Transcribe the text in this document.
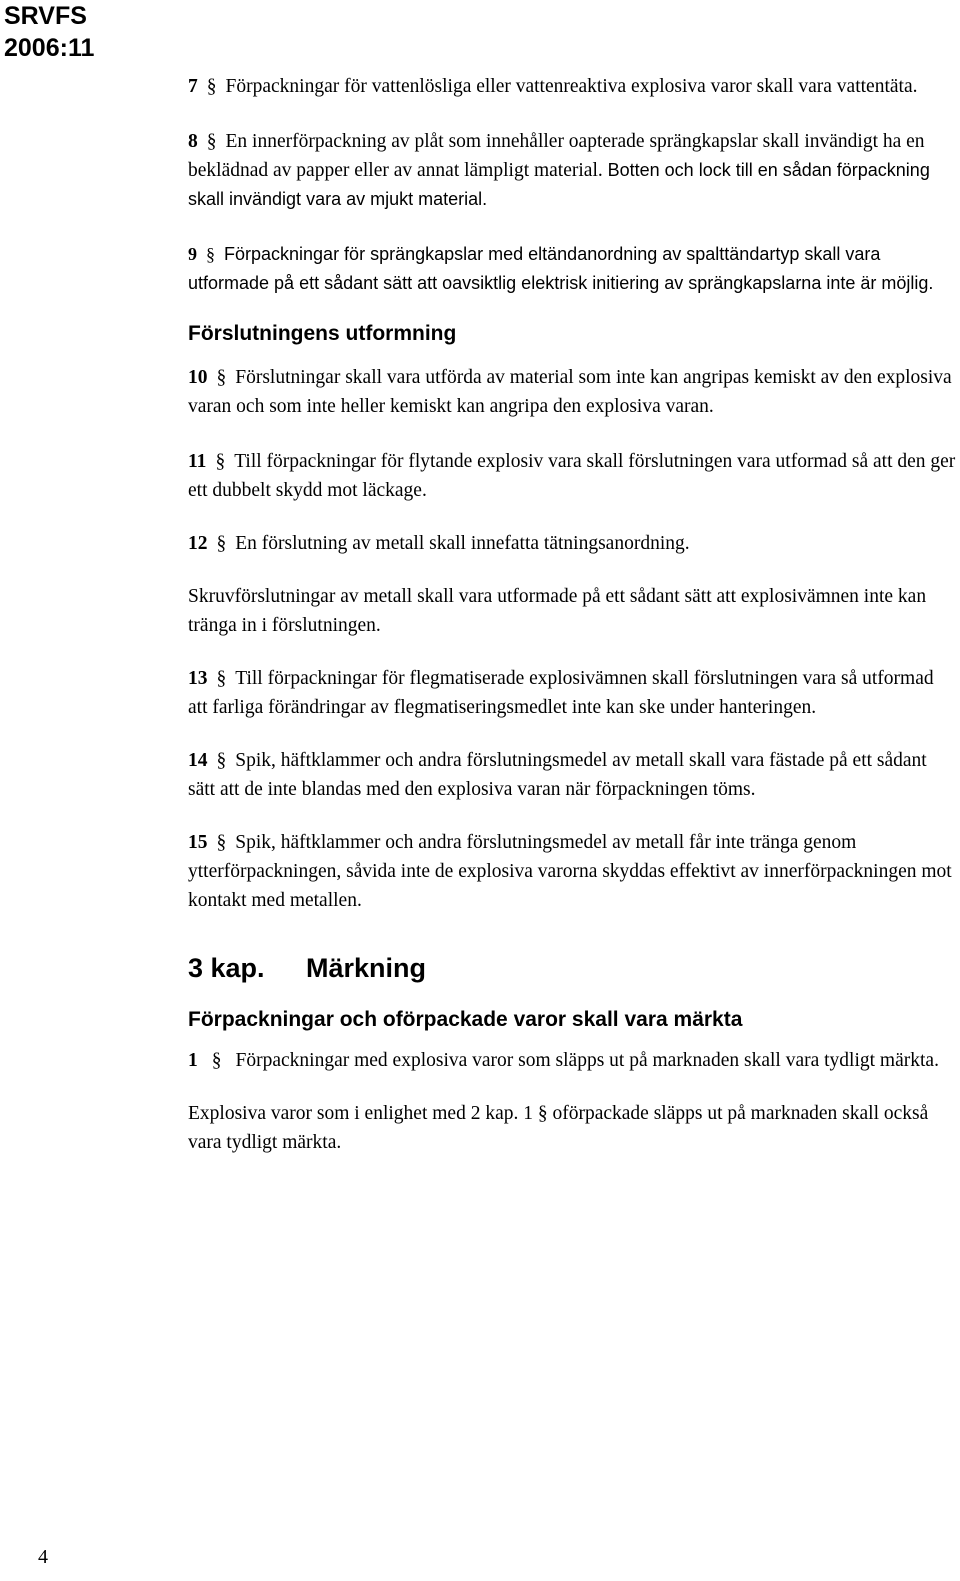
SRVFS
2006:11

7 § Förpackningar för vattenlösliga eller vattenreaktiva explosiva varor skall vara vattentäta.

8 § En innerförpackning av plåt som innehåller oapterade sprängkapslar skall invändigt ha en beklädnad av papper eller av annat lämpligt material. Botten och lock till en sådan förpackning skall invändigt vara av mjukt material.

9 § Förpackningar för sprängkapslar med eltändanordning av spalttändartyp skall vara utformade på ett sådant sätt att oavsiktlig elektrisk initiering av sprängkapslarna inte är möjlig.

Förslutningens utformning

10 § Förslutningar skall vara utförda av material som inte kan angripas kemiskt av den explosiva varan och som inte heller kemiskt kan angripa den explosiva varan.

11 § Till förpackningar för flytande explosiv vara skall förslutningen vara utformad så att den ger ett dubbelt skydd mot läckage.

12 § En förslutning av metall skall innefatta tätningsanordning.

Skruvförslutningar av metall skall vara utformade på ett sådant sätt att explosivämnen inte kan tränga in i förslutningen.

13 § Till förpackningar för flegmatiserade explosivämnen skall förslutningen vara så utformad att farliga förändringar av flegmatiseringsmedlet inte kan ske under hanteringen.

14 § Spik, häftklammer och andra förslutningsmedel av metall skall vara fästade på ett sådant sätt att de inte blandas med den explosiva varan när förpackningen töms.

15 § Spik, häftklammer och andra förslutningsmedel av metall får inte tränga genom ytterförpackningen, såvida inte de explosiva varorna skyddas effektivt av innerförpackningen mot kontakt med metallen.

3 kap. Märkning
Förpackningar och oförpackade varor skall vara märkta

1 § Förpackningar med explosiva varor som släpps ut på marknaden skall vara tydligt märkta.

Explosiva varor som i enlighet med 2 kap. 1 § oförpackade släpps ut på marknaden skall också vara tydligt märkta.

4
